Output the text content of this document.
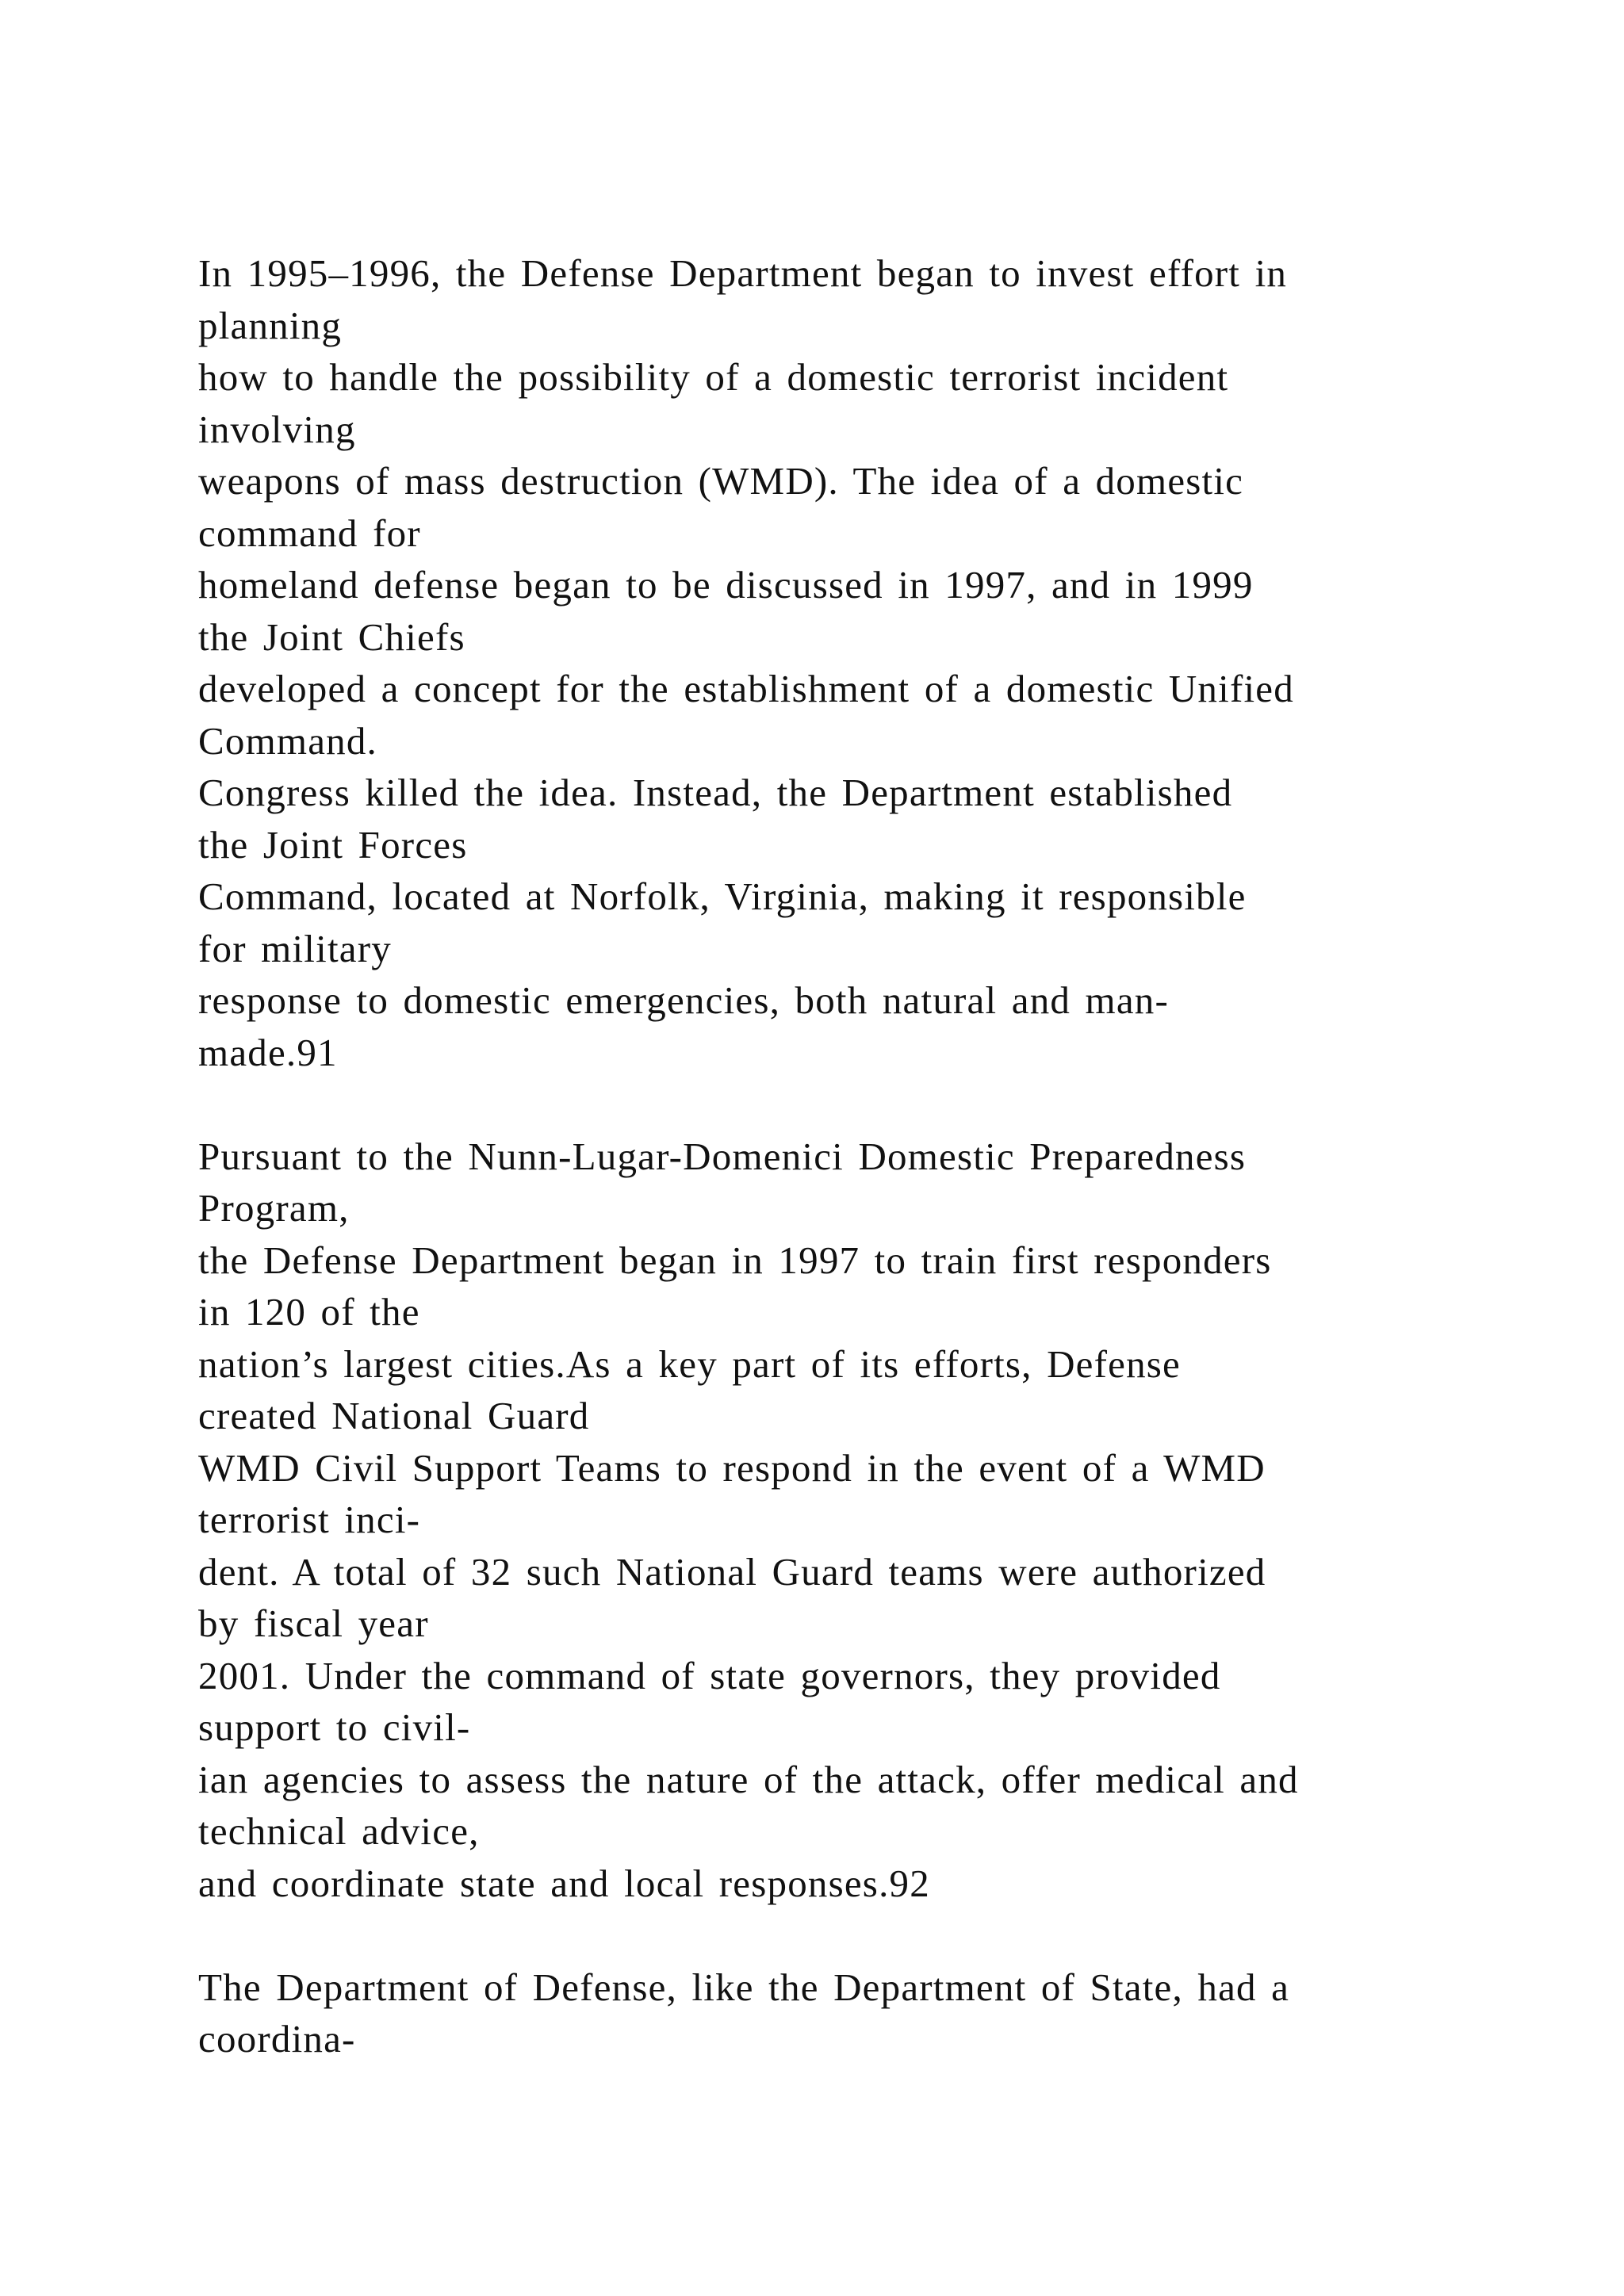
In 1995–1996, the Defense Department began to invest effort in
planning
how to handle the possibility of a domestic terrorist incident
involving
weapons of mass destruction (WMD). The idea of a domestic
command for
homeland defense began to be discussed in 1997, and in 1999
the Joint Chiefs
developed a concept for the establishment of a domestic Unified
Command.
Congress killed the idea. Instead, the Department established
the Joint Forces
Command, located at Norfolk, Virginia, making it responsible
for military
response to domestic emergencies, both natural and man-
made.91
Pursuant to the Nunn-Lugar-Domenici Domestic Preparedness
Program,
the Defense Department began in 1997 to train first responders
in 120 of the
nation’s largest cities.As a key part of its efforts, Defense
created National Guard
WMD Civil Support Teams to respond in the event of a WMD
terrorist inci-
dent. A total of 32 such National Guard teams were authorized
by fiscal year
2001. Under the command of state governors, they provided
support to civil-
ian agencies to assess the nature of the attack, offer medical and
technical advice,
and coordinate state and local responses.92
The Department of Defense, like the Department of State, had a
coordina-
